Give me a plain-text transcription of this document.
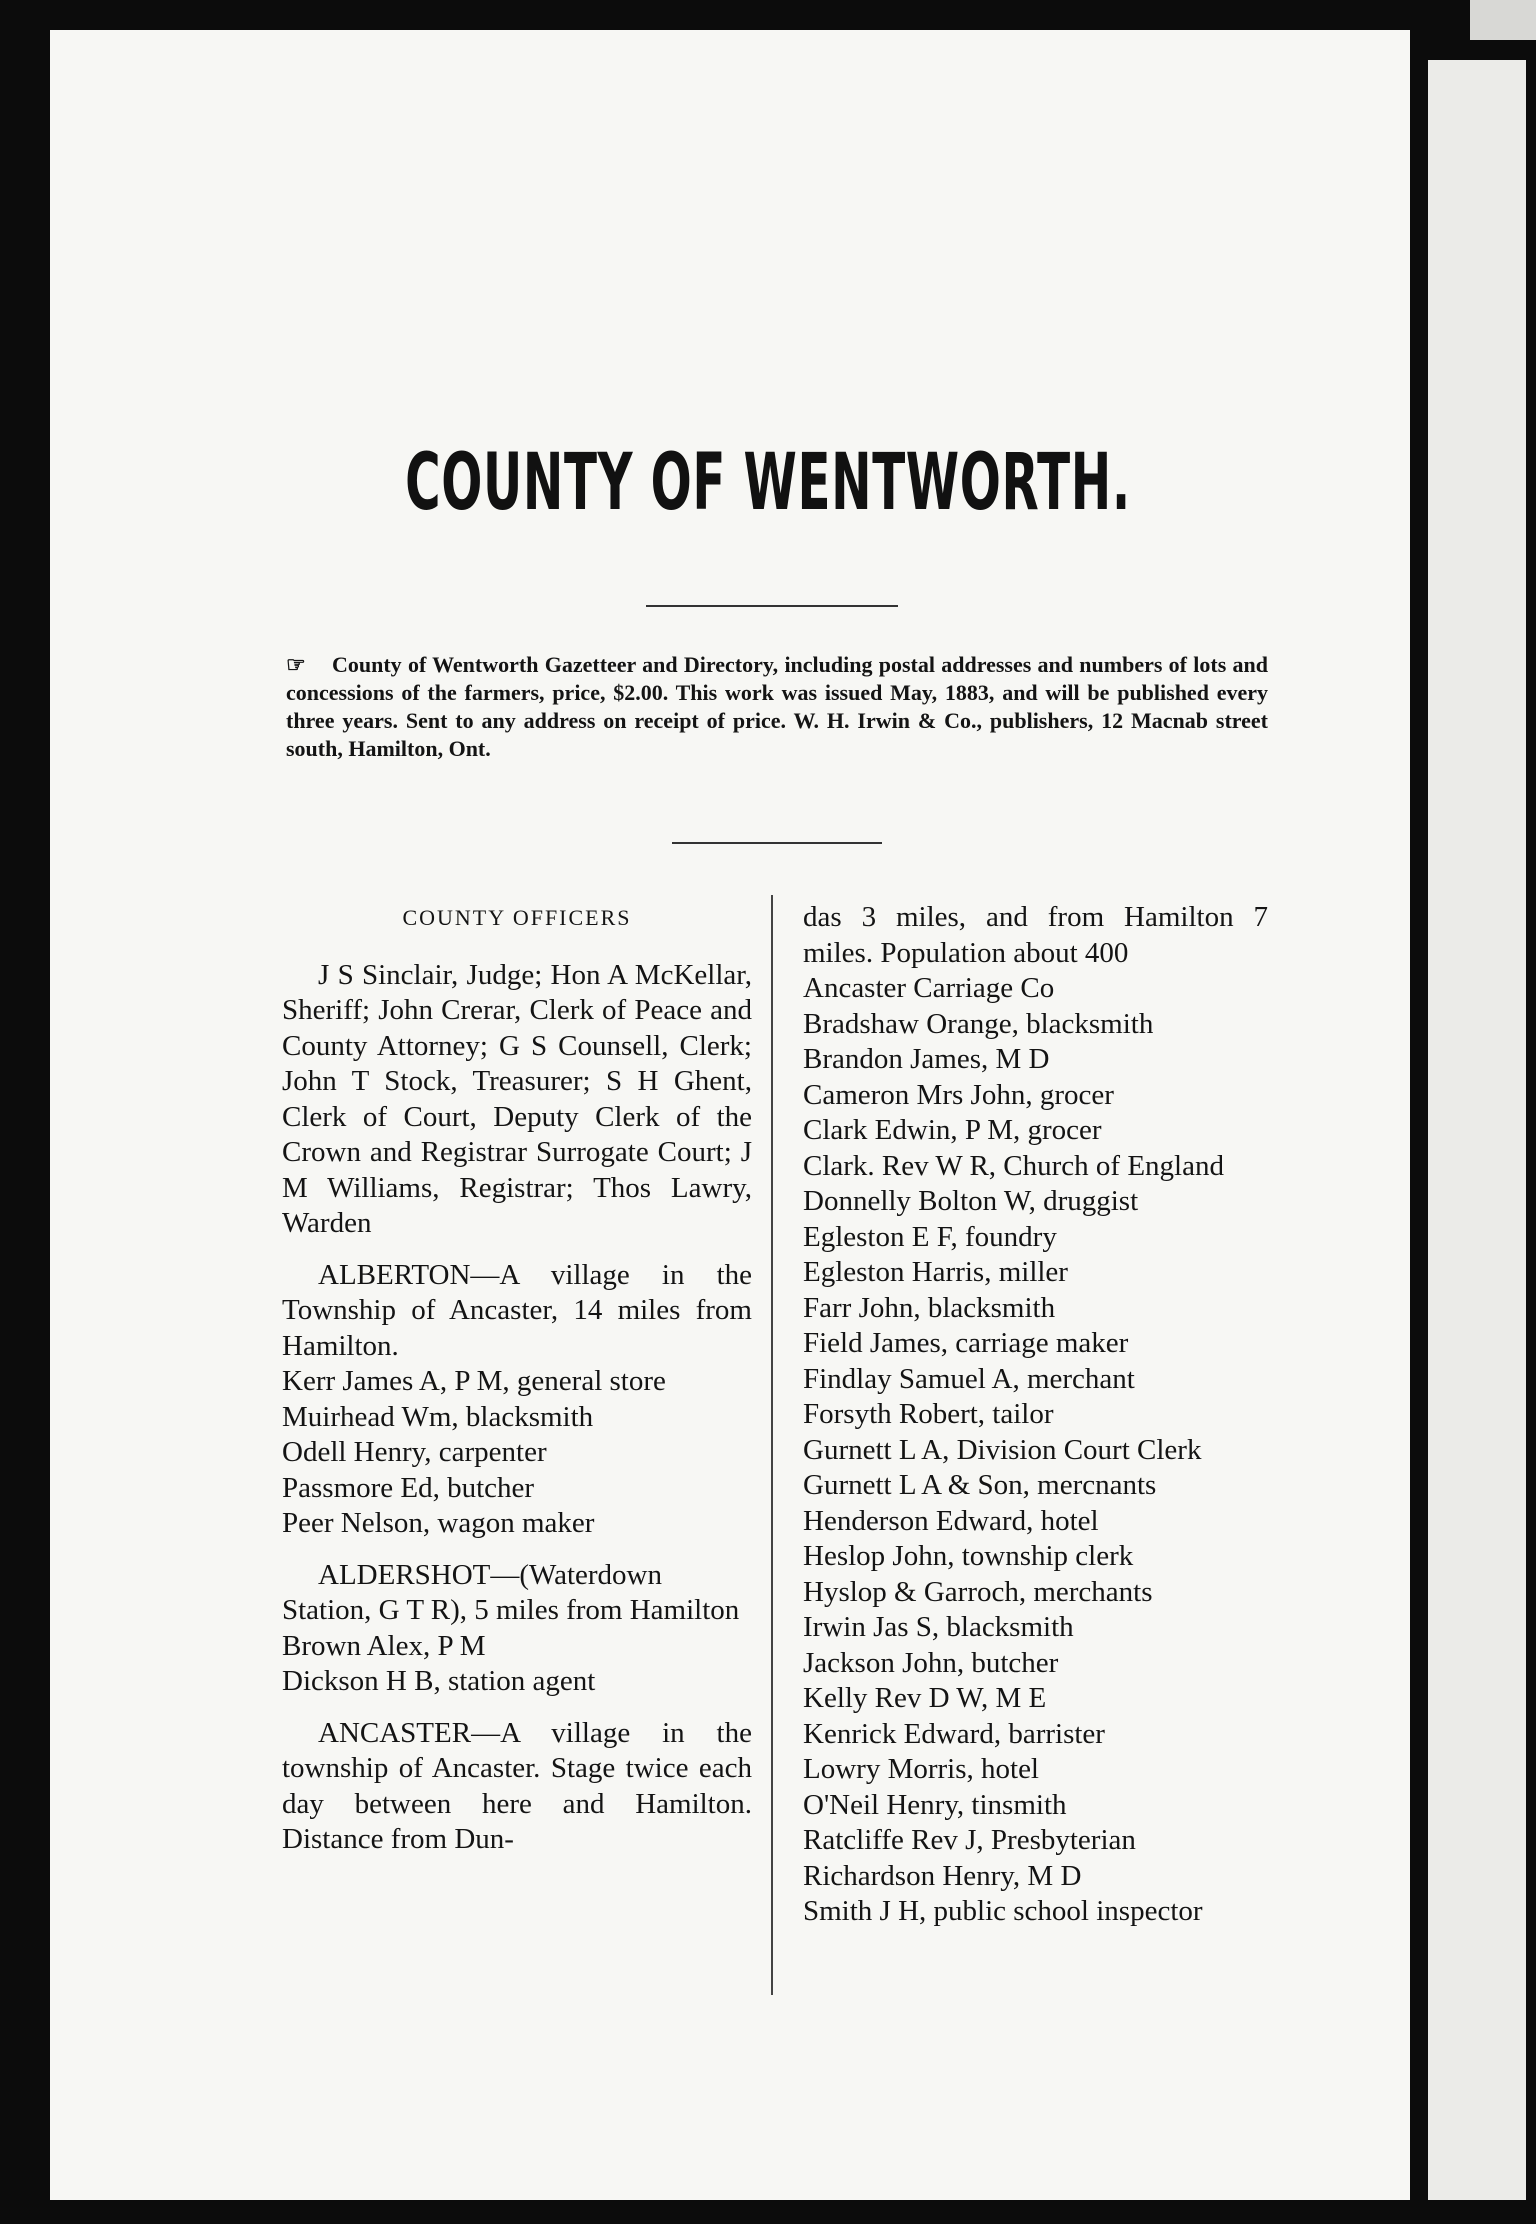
COUNTY OF WENTWORTH.
☞ County of Wentworth Gazetteer and Directory, including postal addresses and numbers of lots and concessions of the farmers, price, $2.00. This work was issued May, 1883, and will be published every three years. Sent to any address on receipt of price. W. H. Irwin & Co., publishers, 12 Macnab street south, Hamilton, Ont.
COUNTY OFFICERS

J S Sinclair, Judge; Hon A McKellar, Sheriff; John Crerar, Clerk of Peace and County Attorney; G S Counsell, Clerk; John T Stock, Treasurer; S H Ghent, Clerk of Court, Deputy Clerk of the Crown and Registrar Surrogate Court; J M Williams, Registrar; Thos Lawry, Warden

ALBERTON—A village in the Township of Ancaster, 14 miles from Hamilton.

Kerr James A, P M, general store

Muirhead Wm, blacksmith

Odell Henry, carpenter

Passmore Ed, butcher

Peer Nelson, wagon maker

ALDERSHOT—(Waterdown Station, G T R), 5 miles from Hamilton

Brown Alex, P M

Dickson H B, station agent

ANCASTER—A village in the township of Ancaster. Stage twice each day between here and Hamilton. Distance from Dun-

das 3 miles, and from Hamilton 7 miles. Population about 400

Ancaster Carriage Co

Bradshaw Orange, blacksmith

Brandon James, M D

Cameron Mrs John, grocer

Clark Edwin, P M, grocer

Clark. Rev W R, Church of England

Donnelly Bolton W, druggist

Egleston E F, foundry

Egleston Harris, miller

Farr John, blacksmith

Field James, carriage maker

Findlay Samuel A, merchant

Forsyth Robert, tailor

Gurnett L A, Division Court Clerk

Gurnett L A & Son, mercnants

Henderson Edward, hotel

Heslop John, township clerk

Hyslop & Garroch, merchants

Irwin Jas S, blacksmith

Jackson John, butcher

Kelly Rev D W, M E

Kenrick Edward, barrister

Lowry Morris, hotel

O'Neil Henry, tinsmith

Ratcliffe Rev J, Presbyterian

Richardson Henry, M D

Smith J H, public school inspector
